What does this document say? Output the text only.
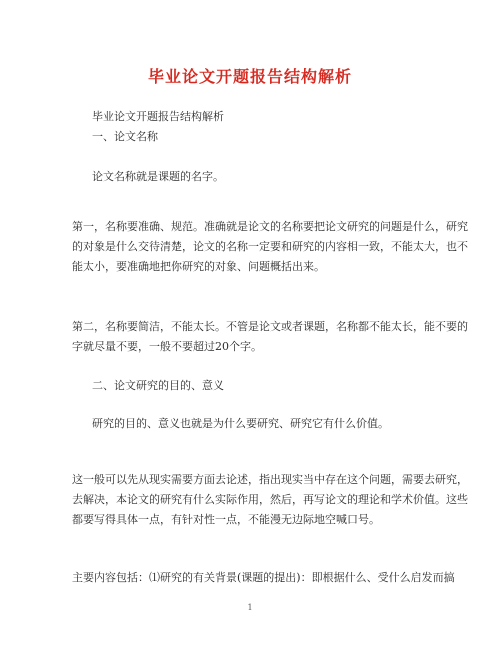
毕业论文开题报告结构解析

毕业论文开题报告结构解析

一、论文名称

论文名称就是课题的名字。

第一，名称要准确、规范。准确就是论文的名称要把论文研究的问题是什么，研究
的对象是什么交待清楚，论文的名称一定要和研究的内容相一致，不能太大，也不
能太小，要准确地把你研究的对象、问题概括出来。

第二，名称要简洁，不能太长。不管是论文或者课题，名称都不能太长，能不要的
字就尽量不要，一般不要超过20个字。

二、论文研究的目的、意义

研究的目的、意义也就是为什么要研究、研究它有什么价值。

这一般可以先从现实需要方面去论述，指出现实当中存在这个问题，需要去研究，
去解决，本论文的研究有什么实际作用，然后，再写论文的理论和学术价值。这些
都要写得具体一点，有针对性一点，不能漫无边际地空喊口号。

主要内容包括：⑴研究的有关背景(课题的提出)：即根据什么、受什么启发而搞

1
